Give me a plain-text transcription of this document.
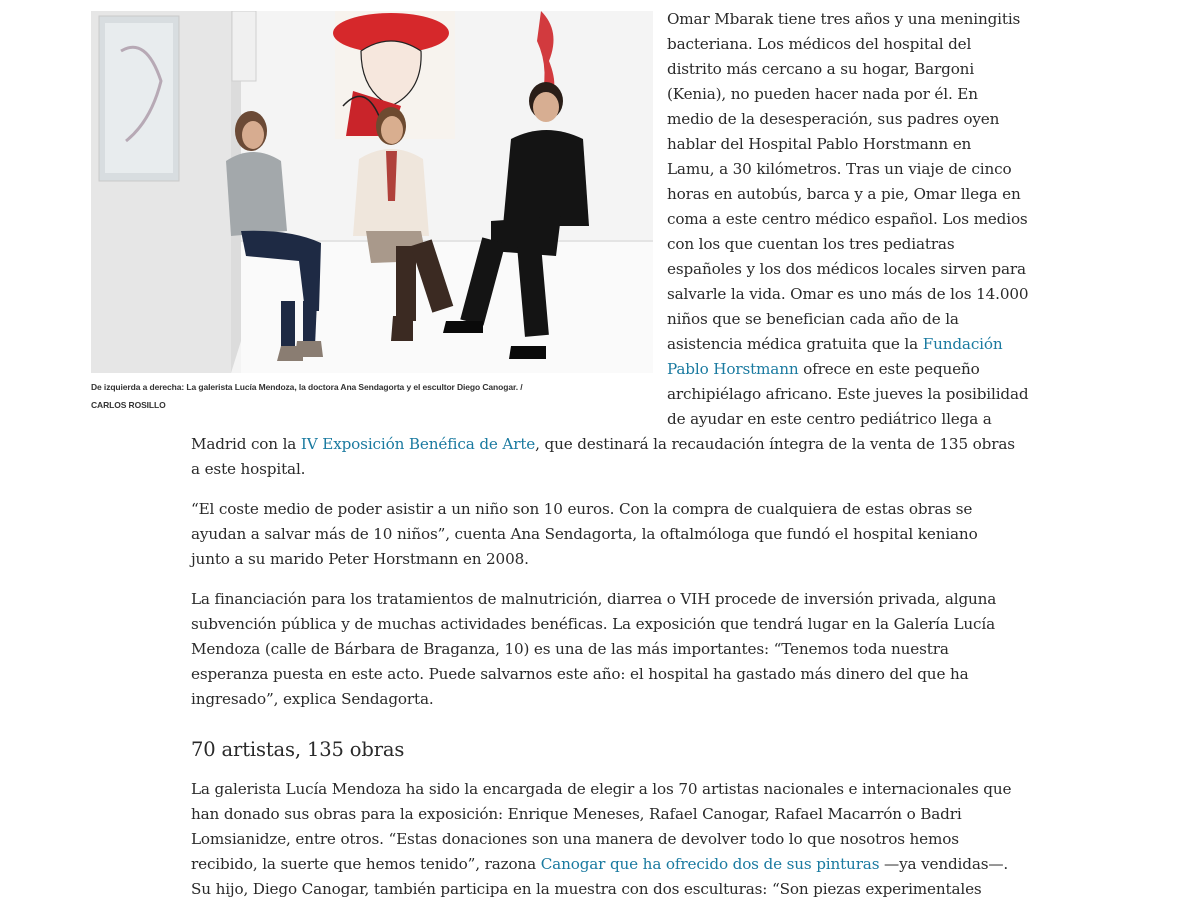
De izquierda a derecha: La galerista Lucía Mendoza, la doctora Ana Sendagorta y el escultor Diego Canogar. /
CARLOS ROSILLO
Omar Mbarak tiene tres años y una meningitis
bacteriana. Los médicos del hospital del
distrito más cercano a su hogar, Bargoni
(Kenia), no pueden hacer nada por él. En
medio de la desesperación, sus padres oyen
hablar del Hospital Pablo Horstmann en
Lamu, a 30 kilómetros. Tras un viaje de cinco
horas en autobús, barca y a pie, Omar llega en
coma a este centro médico español. Los medios
con los que cuentan los tres pediatras
españoles y los dos médicos locales sirven para
salvarle la vida. Omar es uno más de los 14.000
niños que se benefician cada año de la
asistencia médica gratuita que la Fundación
Pablo Horstmann ofrece en este pequeño
archipiélago africano. Este jueves la posibilidad
de ayudar en este centro pediátrico llega a

Madrid con la IV Exposición Benéfica de Arte, que destinará la recaudación íntegra de la venta de 135 obras
a este hospital.

“El coste medio de poder asistir a un niño son 10 euros. Con la compra de cualquiera de estas obras se
ayudan a salvar más de 10 niños”, cuenta Ana Sendagorta, la oftalmóloga que fundó el hospital keniano
junto a su marido Peter Horstmann en 2008.

La financiación para los tratamientos de malnutrición, diarrea o VIH procede de inversión privada, alguna
subvención pública y de muchas actividades benéficas. La exposición que tendrá lugar en la Galería Lucía
Mendoza (calle de Bárbara de Braganza, 10) es una de las más importantes: “Tenemos toda nuestra
esperanza puesta en este acto. Puede salvarnos este año: el hospital ha gastado más dinero del que ha
ingresado”, explica Sendagorta.

70 artistas, 135 obras

La galerista Lucía Mendoza ha sido la encargada de elegir a los 70 artistas nacionales e internacionales que
han donado sus obras para la exposición: Enrique Meneses, Rafael Canogar, Rafael Macarrón o Badri
Lomsianidze, entre otros. “Estas donaciones son una manera de devolver todo lo que nosotros hemos
recibido, la suerte que hemos tenido”, razona Canogar que ha ofrecido dos de sus pinturas —ya vendidas—.
Su hijo, Diego Canogar, también participa en la muestra con dos esculturas: “Son piezas experimentales
